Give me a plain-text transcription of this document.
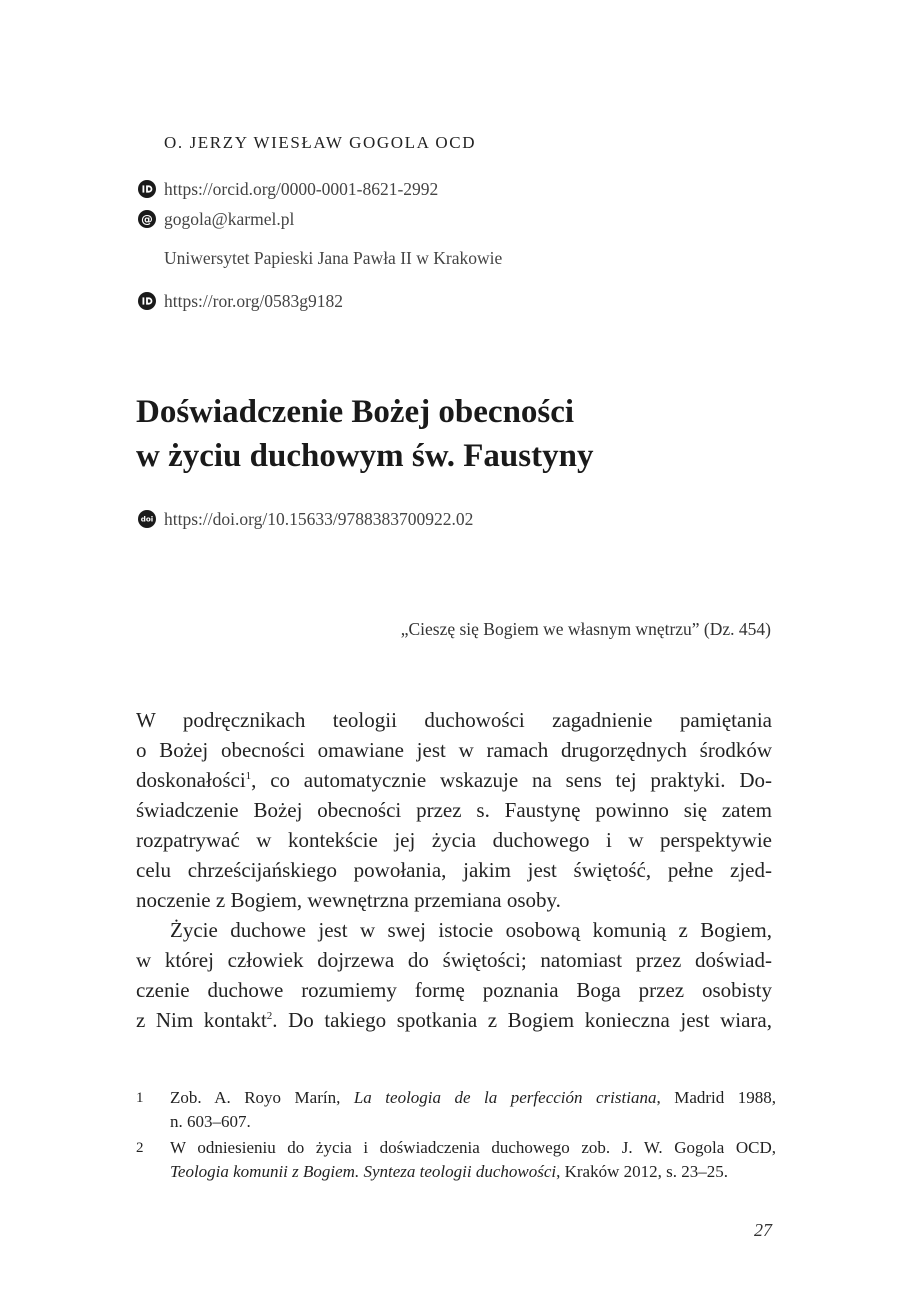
O. JERZY WIESŁAW GOGOLA OCD
https://orcid.org/0000-0001-8621-2992
@ gogola@karmel.pl
Uniwersytet Papieski Jana Pawła II w Krakowie
https://ror.org/0583g9182
Doświadczenie Bożej obecności
w życiu duchowym św. Faustyny
doi https://doi.org/10.15633/9788383700922.02
„Cieszę się Bogiem we własnym wnętrzu” (Dz. 454)
W podręcznikach teologii duchowości zagadnienie pamiętania
o Bożej obecności omawiane jest w ramach drugorzędnych środków
doskonałości$^1$, co automatycznie wskazuje na sens tej praktyki. Do-
świadczenie Bożej obecności przez s. Faustynę powinno się zatem
rozpatrywać w kontekście jej życia duchowego i w perspektywie
celu chrześcijańskiego powołania, jakim jest świętość, pełne zjed-
noczenie z Bogiem, wewnętrzna przemiana osoby.
Życie duchowe jest w swej istocie osobową komunią z Bogiem,
w której człowiek dojrzewa do świętości; natomiast przez doświad-
czenie duchowe rozumiemy formę poznania Boga przez osobisty
z Nim kontakt$^2$. Do takiego spotkania z Bogiem konieczna jest wiara,
1 Zob. A. Royo Marín, La teologia de la perfección cristiana, Madrid 1988,
n. 603–607.
2 W odniesieniu do życia i doświadczenia duchowego zob. J. W. Gogola OCD,
Teologia komunii z Bogiem. Synteza teologii duchowości, Kraków 2012, s. 23–25.
27
